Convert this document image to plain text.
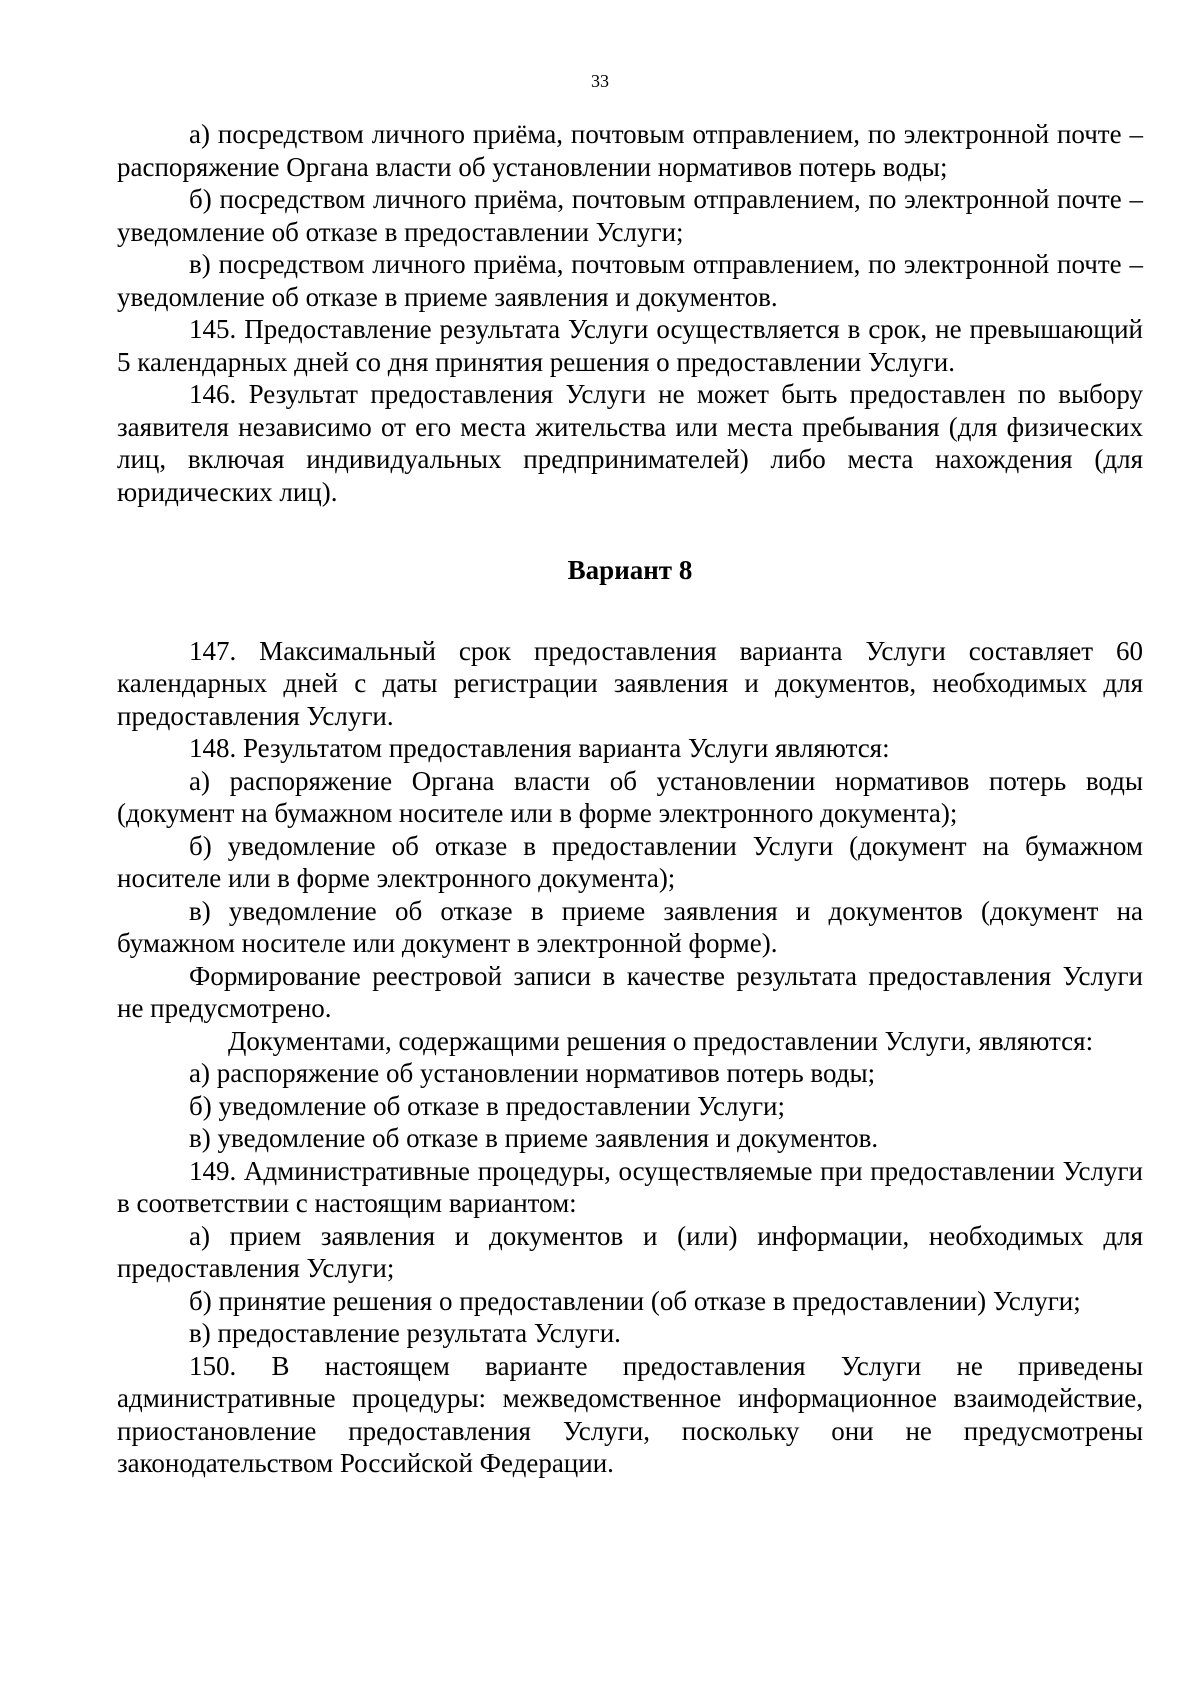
33

а) посредством личного приёма, почтовым отправлением, по электронной почте – распоряжение Органа власти об установлении нормативов потерь воды;

б) посредством личного приёма, почтовым отправлением, по электронной почте – уведомление об отказе в предоставлении Услуги;

в) посредством личного приёма, почтовым отправлением, по электронной почте – уведомление об отказе в приеме заявления и документов.

145. Предоставление результата Услуги осуществляется в срок, не превышающий 5 календарных дней со дня принятия решения о предоставлении Услуги.

146. Результат предоставления Услуги не может быть предоставлен по выбору заявителя независимо от его места жительства или места пребывания (для физических лиц, включая индивидуальных предпринимателей) либо места нахождения (для юридических лиц).

Вариант 8

147. Максимальный срок предоставления варианта Услуги составляет 60 календарных дней с даты регистрации заявления и документов, необходимых для предоставления Услуги.

148. Результатом предоставления варианта Услуги являются:

а) распоряжение Органа власти об установлении нормативов потерь воды (документ на бумажном носителе или в форме электронного документа);

б) уведомление об отказе в предоставлении Услуги (документ на бумажном носителе или в форме электронного документа);

в) уведомление об отказе в приеме заявления и документов (документ на бумажном носителе или документ в электронной форме).

Формирование реестровой записи в качестве результата предоставления Услуги не предусмотрено.

Документами, содержащими решения о предоставлении Услуги, являются:

а) распоряжение об установлении нормативов потерь воды;

б) уведомление об отказе в предоставлении Услуги;

в) уведомление об отказе в приеме заявления и документов.

149. Административные процедуры, осуществляемые при предоставлении Услуги в соответствии с настоящим вариантом:

а) прием заявления и документов и (или) информации, необходимых для предоставления Услуги;

б) принятие решения о предоставлении (об отказе в предоставлении) Услуги;

в) предоставление результата Услуги.

150. В настоящем варианте предоставления Услуги не приведены административные процедуры: межведомственное информационное взаимодействие, приостановление предоставления Услуги, поскольку они не предусмотрены законодательством Российской Федерации.
